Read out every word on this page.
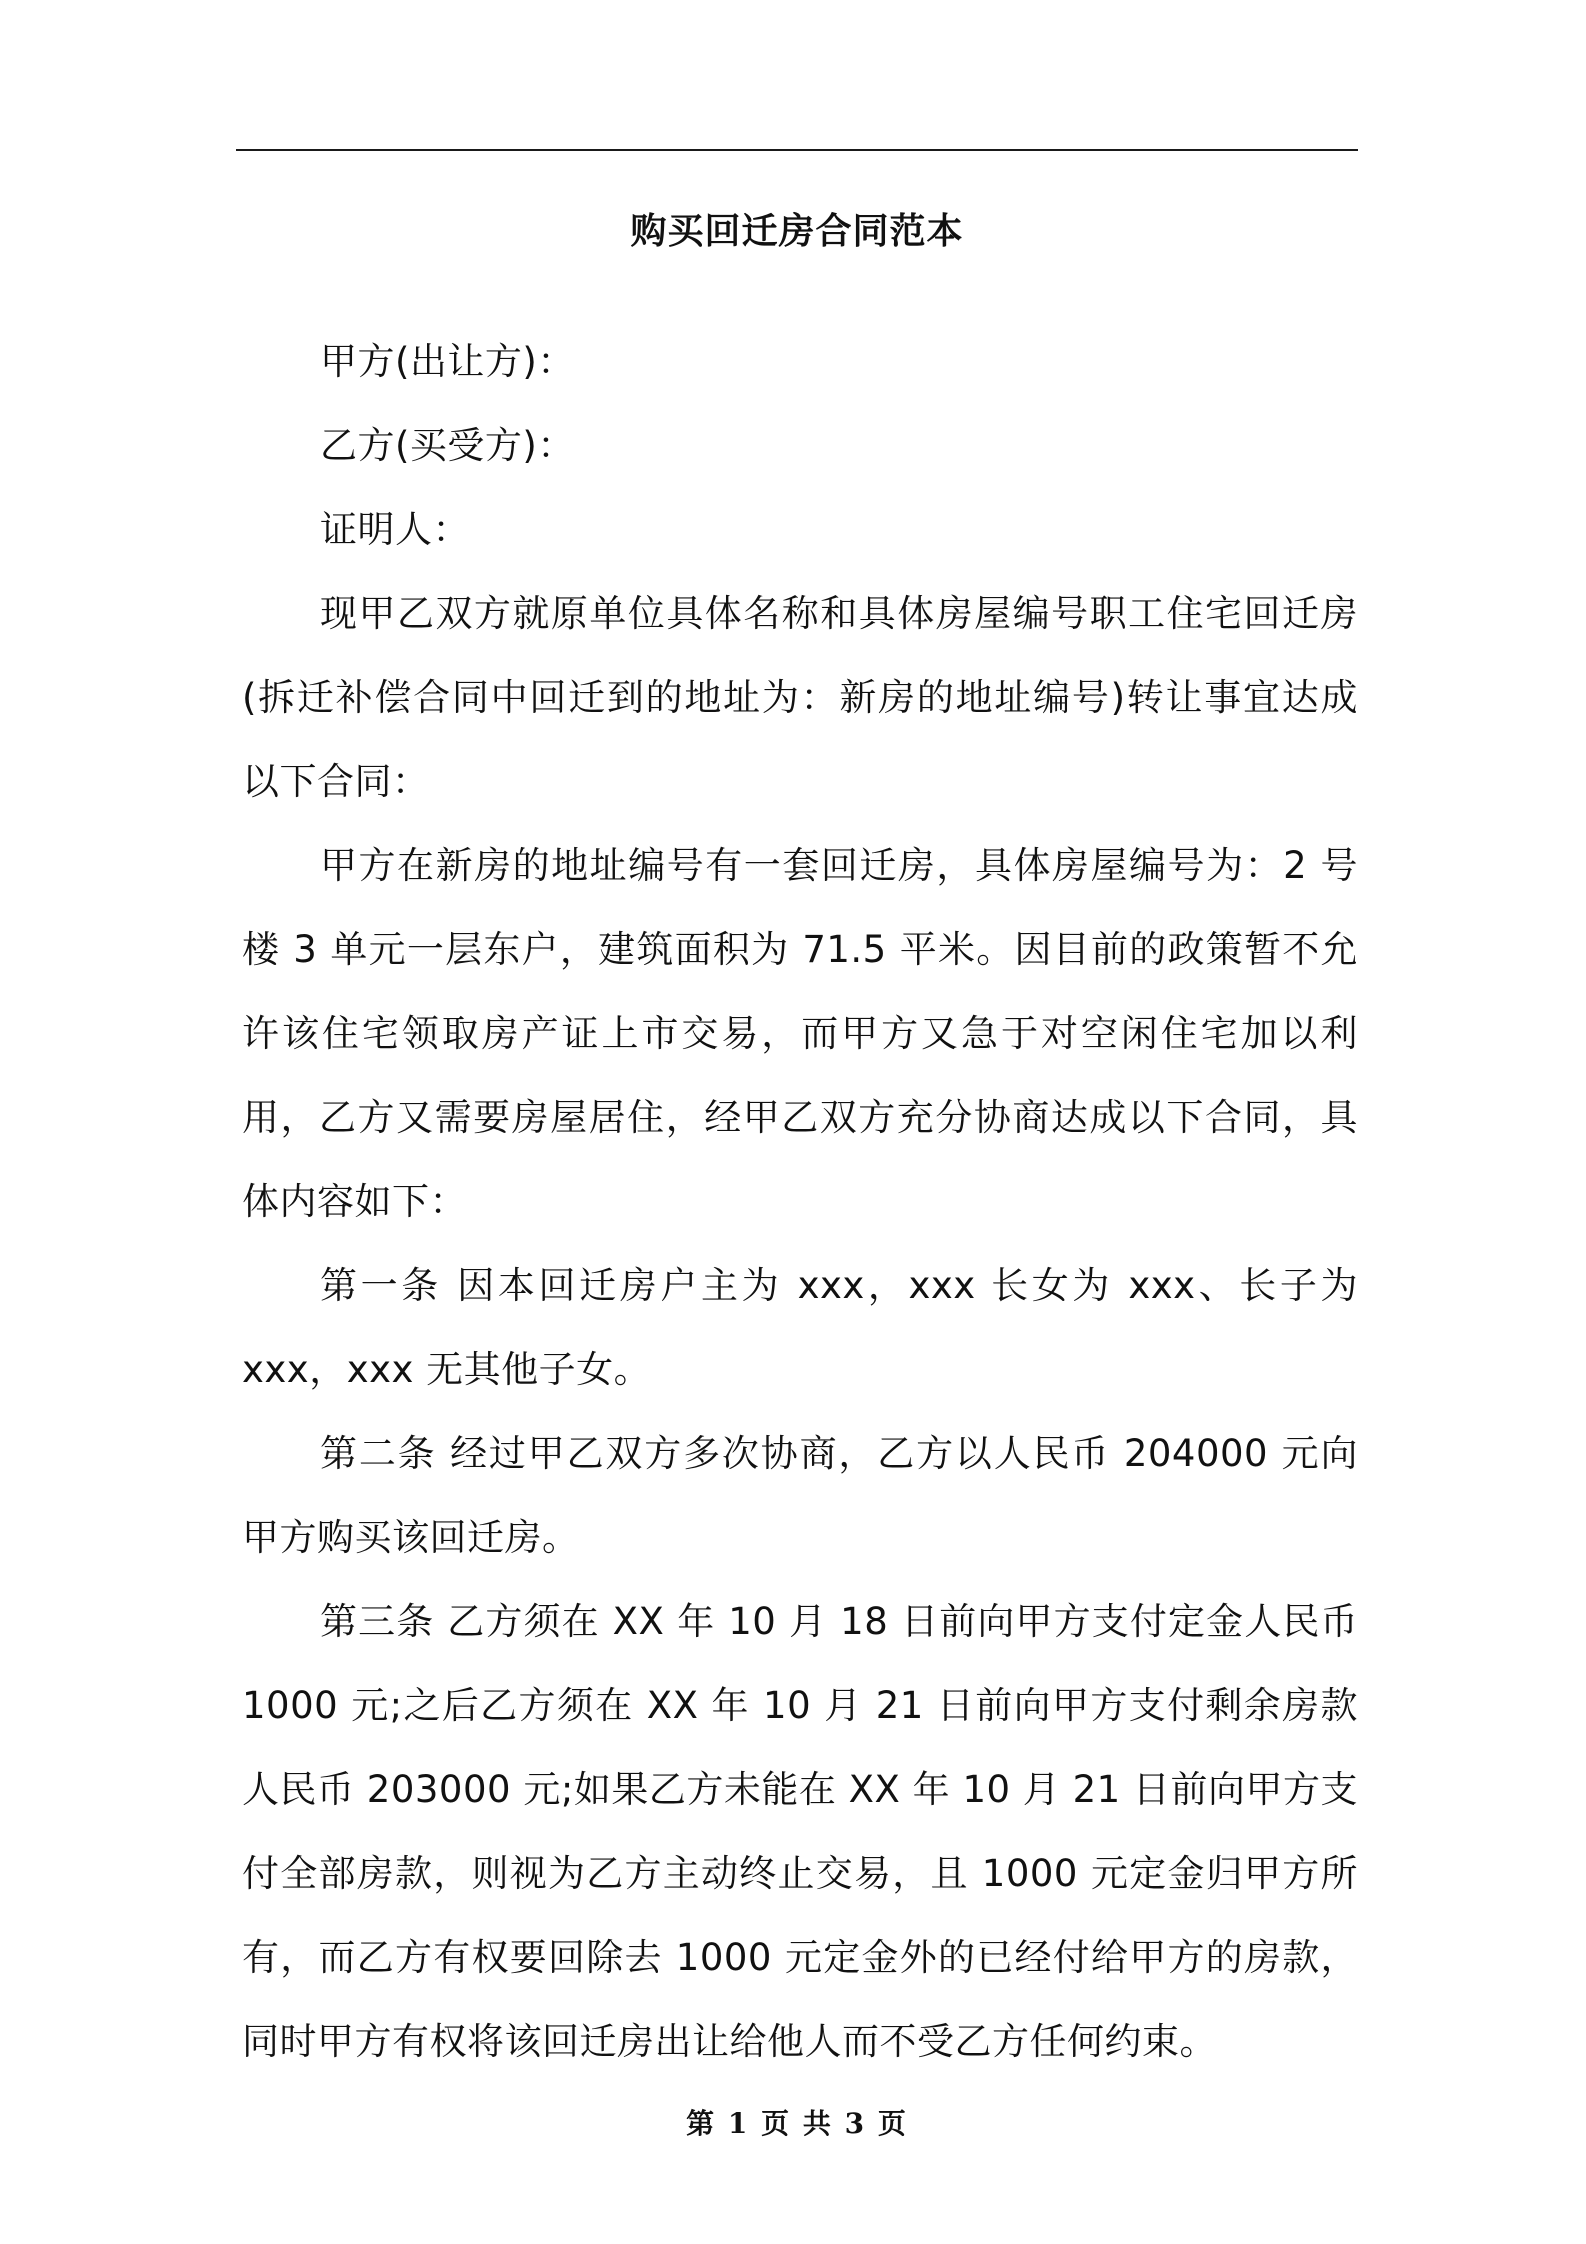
购买回迁房合同范本

甲方(出让方)：

乙方(买受方)：

证明人：

现甲乙双方就原单位具体名称和具体房屋编号职工住宅回迁房(拆迁补偿合同中回迁到的地址为：新房的地址编号)转让事宜达成以下合同：

甲方在新房的地址编号有一套回迁房，具体房屋编号为：2 号楼 3 单元一层东户，建筑面积为 71.5 平米。因目前的政策暂不允许该住宅领取房产证上市交易，而甲方又急于对空闲住宅加以利用，乙方又需要房屋居住，经甲乙双方充分协商达成以下合同，具体内容如下：

第一条 因本回迁房户主为 xxx，xxx 长女为 xxx、长子为 xxx，xxx 无其他子女。

第二条 经过甲乙双方多次协商，乙方以人民币 204000 元向甲方购买该回迁房。

第三条 乙方须在 XX 年 10 月 18 日前向甲方支付定金人民币 1000 元;之后乙方须在 XX 年 10 月 21 日前向甲方支付剩余房款人民币 203000 元;如果乙方未能在 XX 年 10 月 21 日前向甲方支付全部房款，则视为乙方主动终止交易，且 1000 元定金归甲方所有，而乙方有权要回除去 1000 元定金外的已经付给甲方的房款，同时甲方有权将该回迁房出让给他人而不受乙方任何约束。

第 1 页 共 3 页
